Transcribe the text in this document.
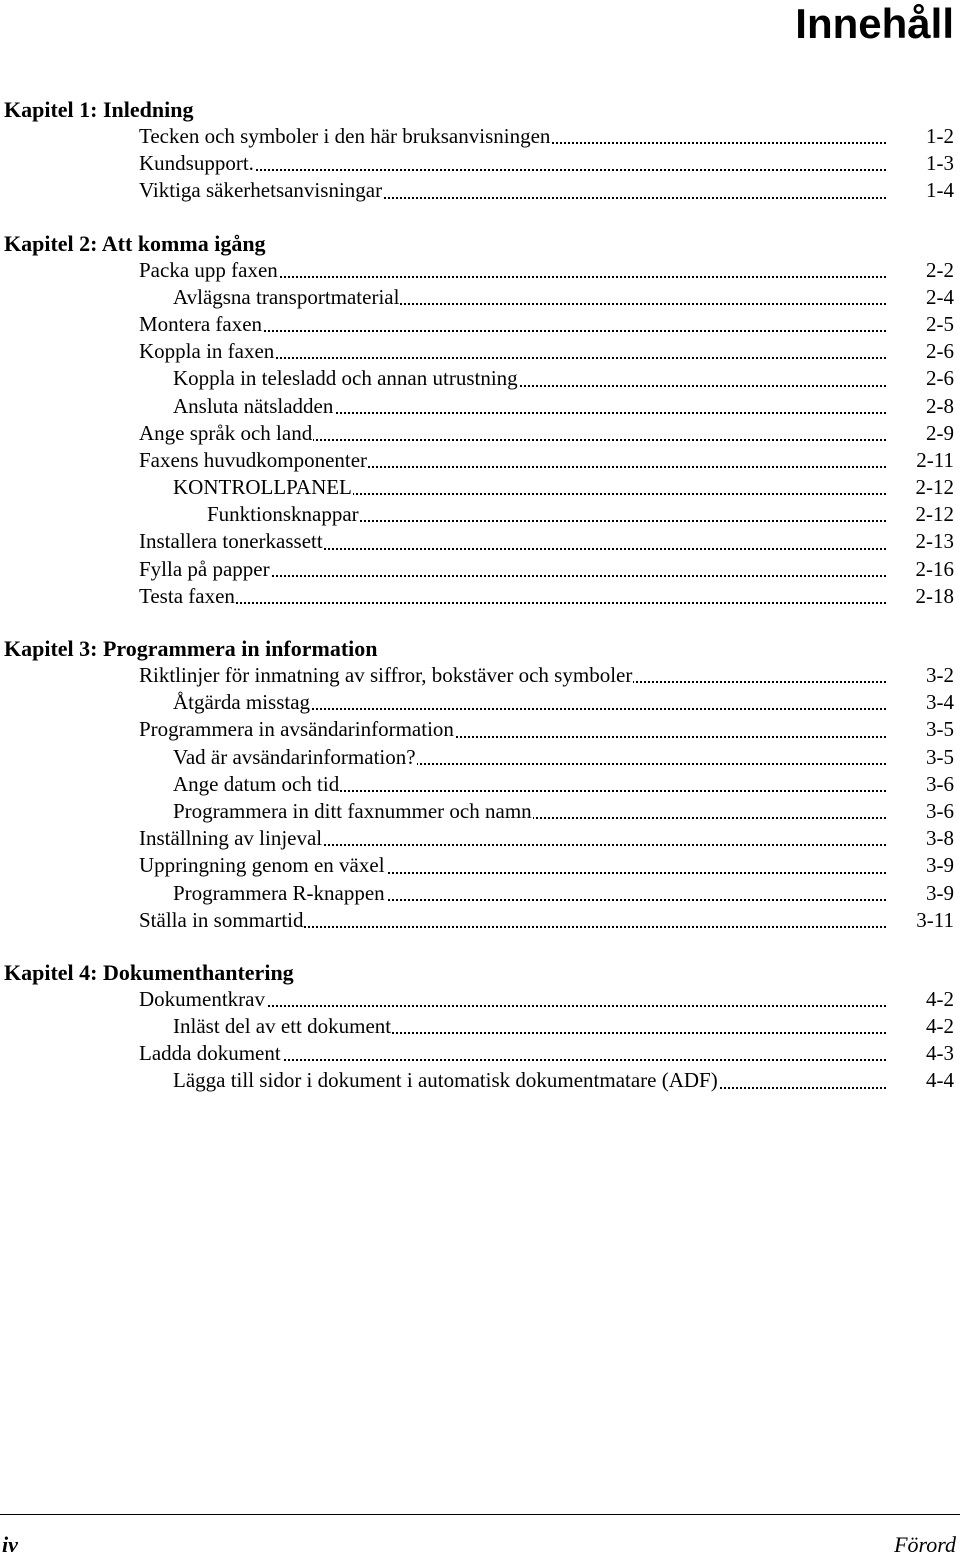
Innehåll
Kapitel 1: Inledning
Tecken och symboler i den här bruksanvisningen	1-2
Kundsupport.	1-3
Viktiga säkerhetsanvisningar	1-4
Kapitel 2: Att komma igång
Packa upp faxen	2-2
Avlägsna transportmaterial	2-4
Montera faxen	2-5
Koppla in faxen	2-6
Koppla in telesladd och annan utrustning	2-6
Ansluta nätsladden	2-8
Ange språk och land	2-9
Faxens huvudkomponenter	2-11
KONTROLLPANEL	2-12
Funktionsknappar	2-12
Installera tonerkassett	2-13
Fylla på papper	2-16
Testa faxen	2-18
Kapitel 3: Programmera in information
Riktlinjer för inmatning av siffror, bokstäver och symboler	3-2
Åtgärda misstag	3-4
Programmera in avsändarinformation	3-5
Vad är avsändarinformation?	3-5
Ange datum och tid	3-6
Programmera in ditt faxnummer och namn	3-6
Inställning av linjeval	3-8
Uppringning genom en växel	3-9
Programmera R-knappen	3-9
Ställa in sommartid	3-11
Kapitel 4: Dokumenthantering
Dokumentkrav	4-2
Inläst del av ett dokument	4-2
Ladda dokument	4-3
Lägga till sidor i dokument i automatisk dokumentmatare (ADF)	4-4
iv	Förord
